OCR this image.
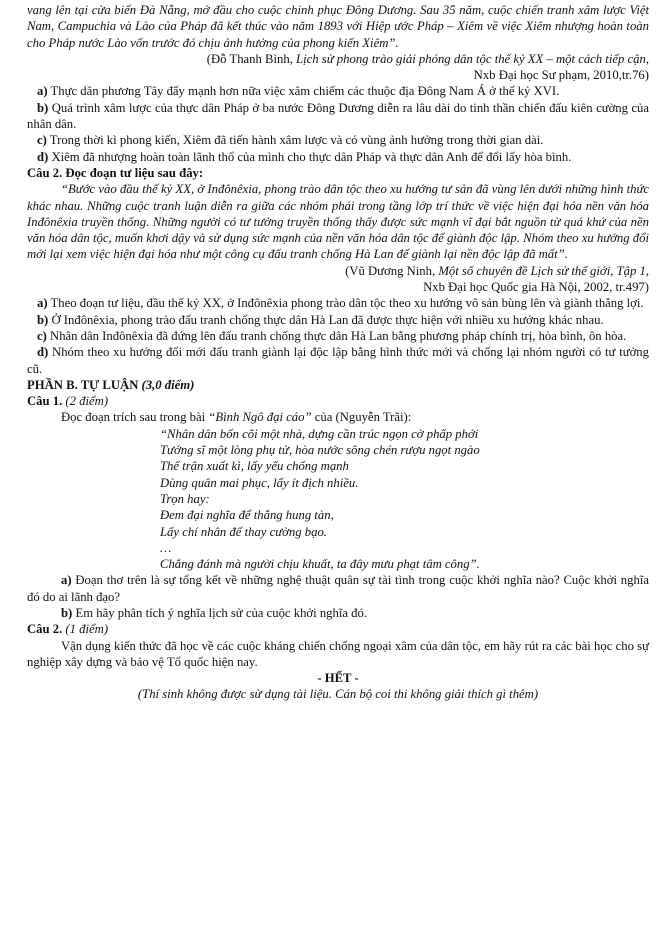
vang lên tại cửa biển Đà Nẵng, mở đầu cho cuộc chinh phục Đông Dương. Sau 35 năm, cuộc chiến tranh xâm lược Việt Nam, Campuchia và Lào của Pháp đã kết thúc vào năm 1893 với Hiệp ước Pháp – Xiêm về việc Xiêm nhượng hoàn toàn cho Pháp nước Lào vốn trước đó chịu ảnh hưởng của phong kiến Xiêm”.

(Đỗ Thanh Bình, Lịch sử phong trào giải phóng dân tộc thế kỷ XX – một cách tiếp cận,

Nxb Đại học Sư phạm, 2010,tr.76)

a) Thực dân phương Tây đẩy mạnh hơn nữa việc xâm chiếm các thuộc địa Đông Nam Á ở thế kỷ XVI.

b) Quá trình xâm lược của thực dân Pháp ở ba nước Đông Dương diễn ra lâu dài do tinh thần chiến đấu kiên cường của nhân dân.

c) Trong thời kì phong kiến, Xiêm đã tiến hành xâm lược và có vùng ảnh hưởng trong thời gian dài.

d) Xiêm đã nhượng hoàn toàn lãnh thổ của mình cho thực dân Pháp và thực dân Anh để đổi lấy hòa bình.

Câu 2. Đọc đoạn tư liệu sau đây:

“Bước vào đầu thế kỷ XX, ở Inđônêxia, phong trào dân tộc theo xu hướng tư sản đã vùng lên dưới những hình thức khác nhau. Những cuộc tranh luận diễn ra giữa các nhóm phái trong tầng lớp trí thức về việc hiện đại hóa nền văn hóa Inđônêxia truyền thống. Những người có tư tưởng truyền thống thấy được sức mạnh vĩ đại bắt nguồn từ quá khứ của nền văn hóa dân tộc, muốn khơi dậy và sử dụng sức mạnh của nền văn hóa dân tộc để giành độc lập. Nhóm theo xu hướng đổi mới lại xem việc hiện đại hóa như một công cụ đấu tranh chống Hà Lan để giành lại nền độc lập đã mất”.

(Vũ Dương Ninh, Một số chuyên đề Lịch sử thế giới, Tập 1,

Nxb Đại học Quốc gia Hà Nội, 2002, tr.497)

a) Theo đoạn tư liệu, đầu thế kỷ XX, ở Inđônêxia phong trào dân tộc theo xu hướng vô sản bùng lên và giành thắng lợi.

b) Ở Inđônêxia, phong trào đấu tranh chống thực dân Hà Lan đã được thực hiện với nhiều xu hướng khác nhau.

c) Nhân dân Inđônêxia đã đứng lên đấu tranh chống thực dân Hà Lan bằng phương pháp chính trị, hòa bình, ôn hòa.

d) Nhóm theo xu hướng đổi mới đấu tranh giành lại độc lập bằng hình thức mới và chống lại nhóm người có tư tưởng cũ.

PHẦN B. TỰ LUẬN (3,0 điểm)

Câu 1. (2 điểm)

Đọc đoạn trích sau trong bài “Bình Ngô đại cáo” của (Nguyễn Trãi):

“Nhân dân bốn cõi một nhà, dựng cần trúc ngọn cờ phấp phới

Tướng sĩ một lòng phụ tử, hòa nước sông chén rượu ngọt ngào

Thế trận xuất kì, lấy yếu chống mạnh

Dùng quân mai phục, lấy ít địch nhiều.

Trọn hay:

Đem đại nghĩa để thắng hung tàn,

Lấy chí nhân để thay cường bạo.

…

Chẳng đánh mà người chịu khuất, ta đây mưu phạt tâm công”.

a) Đoạn thơ trên là sự tổng kết về những nghệ thuật quân sự tài tình trong cuộc khởi nghĩa nào? Cuộc khởi nghĩa đó do ai lãnh đạo?

b) Em hãy phân tích ý nghĩa lịch sử của cuộc khởi nghĩa đó.

Câu 2. (1 điểm)

Vận dụng kiến thức đã học về các cuộc kháng chiến chống ngoại xâm của dân tộc, em hãy rút ra các bài học cho sự nghiệp xây dựng và bảo vệ Tổ quốc hiện nay.

- HẾT -

(Thí sinh không được sử dụng tài liệu. Cán bộ coi thi không giải thích gì thêm)
